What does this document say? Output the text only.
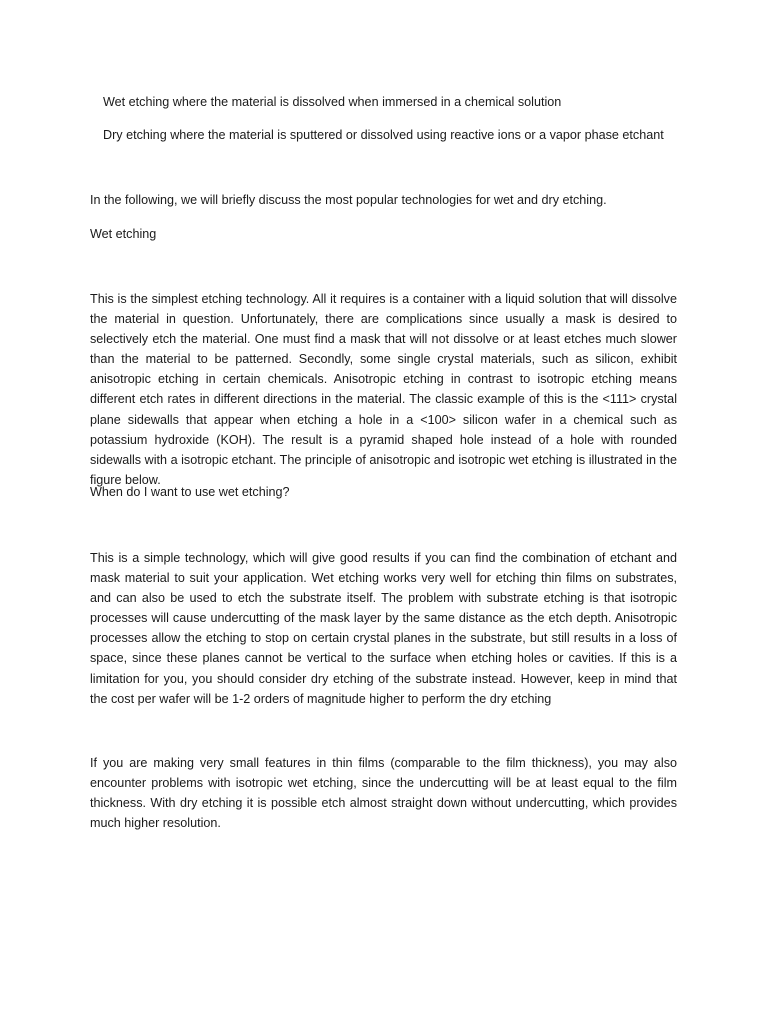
Wet etching where the material is dissolved when immersed in a chemical solution
Dry etching where the material is sputtered or dissolved using reactive ions or a vapor phase etchant

In the following, we will briefly discuss the most popular technologies for wet and dry etching.

Wet etching

This is the simplest etching technology. All it requires is a container with a liquid solution that will dissolve the material in question. Unfortunately, there are complications since usually a mask is desired to selectively etch the material. One must find a mask that will not dissolve or at least etches much slower than the material to be patterned. Secondly, some single crystal materials, such as silicon, exhibit anisotropic etching in certain chemicals. Anisotropic etching in contrast to isotropic etching means different etch rates in different directions in the material. The classic example of this is the <111> crystal plane sidewalls that appear when etching a hole in a <100> silicon wafer in a chemical such as potassium hydroxide (KOH). The result is a pyramid shaped hole instead of a hole with rounded sidewalls with a isotropic etchant. The principle of anisotropic and isotropic wet etching is illustrated in the figure below.

When do I want to use wet etching?

This is a simple technology, which will give good results if you can find the combination of etchant and mask material to suit your application. Wet etching works very well for etching thin films on substrates, and can also be used to etch the substrate itself. The problem with substrate etching is that isotropic processes will cause undercutting of the mask layer by the same distance as the etch depth. Anisotropic processes allow the etching to stop on certain crystal planes in the substrate, but still results in a loss of space, since these planes cannot be vertical to the surface when etching holes or cavities. If this is a limitation for you, you should consider dry etching of the substrate instead. However, keep in mind that the cost per wafer will be 1-2 orders of magnitude higher to perform the dry etching

If you are making very small features in thin films (comparable to the film thickness), you may also encounter problems with isotropic wet etching, since the undercutting will be at least equal to the film thickness. With dry etching it is possible etch almost straight down without undercutting, which provides much higher resolution.
